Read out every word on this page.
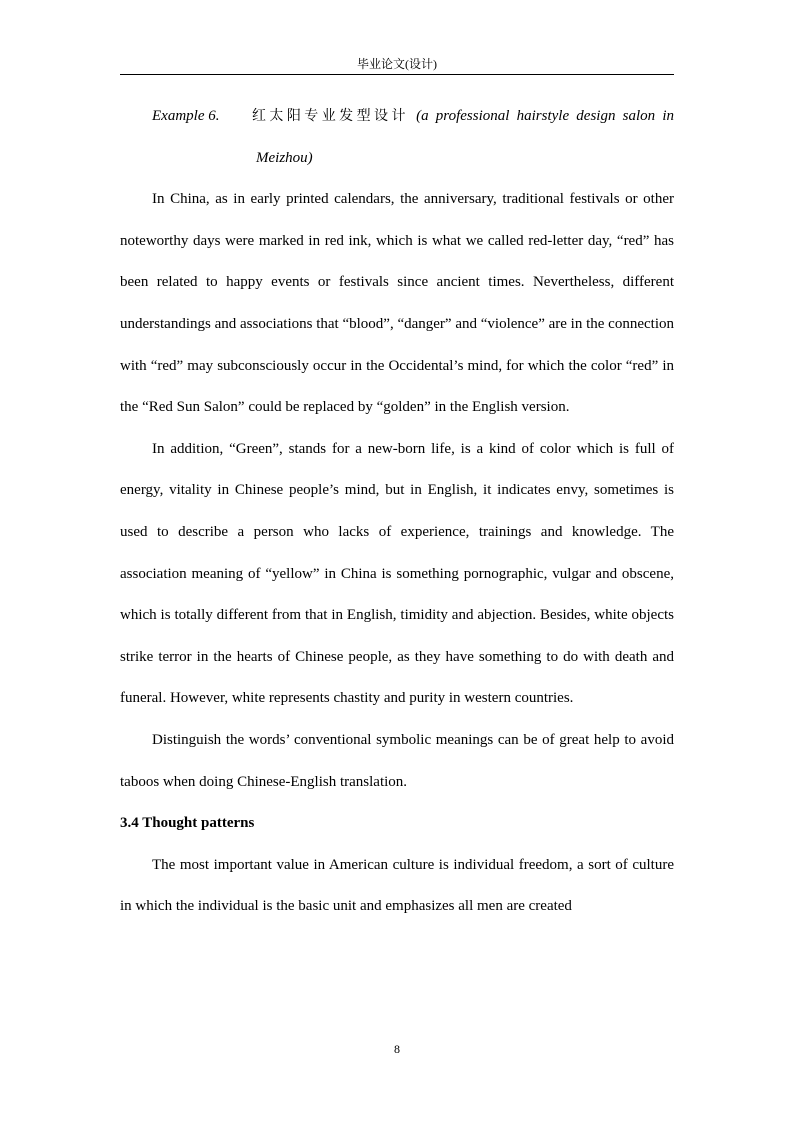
毕业论文(设计)
Example 6.	红太阳专业发型设计 (a professional hairstyle design salon in
Meizhou)

In China, as in early printed calendars, the anniversary, traditional festivals or other noteworthy days were marked in red ink, which is what we called red-letter day, “red” has been related to happy events or festivals since ancient times. Nevertheless, different understandings and associations that “blood”, “danger” and “violence” are in the connection with “red” may subconsciously occur in the Occidental’s mind, for which the color “red” in the “Red Sun Salon” could be replaced by “golden” in the English version.

In addition, “Green”, stands for a new-born life, is a kind of color which is full of energy, vitality in Chinese people’s mind, but in English, it indicates envy, sometimes is used to describe a person who lacks of experience, trainings and knowledge. The association meaning of “yellow” in China is something pornographic, vulgar and obscene, which is totally different from that in English, timidity and abjection. Besides, white objects strike terror in the hearts of Chinese people, as they have something to do with death and funeral. However, white represents chastity and purity in western countries.

Distinguish the words’ conventional symbolic meanings can be of great help to avoid taboos when doing Chinese-English translation.

3.4 Thought patterns

The most important value in American culture is individual freedom, a sort of culture in which the individual is the basic unit and emphasizes all men are created

8
